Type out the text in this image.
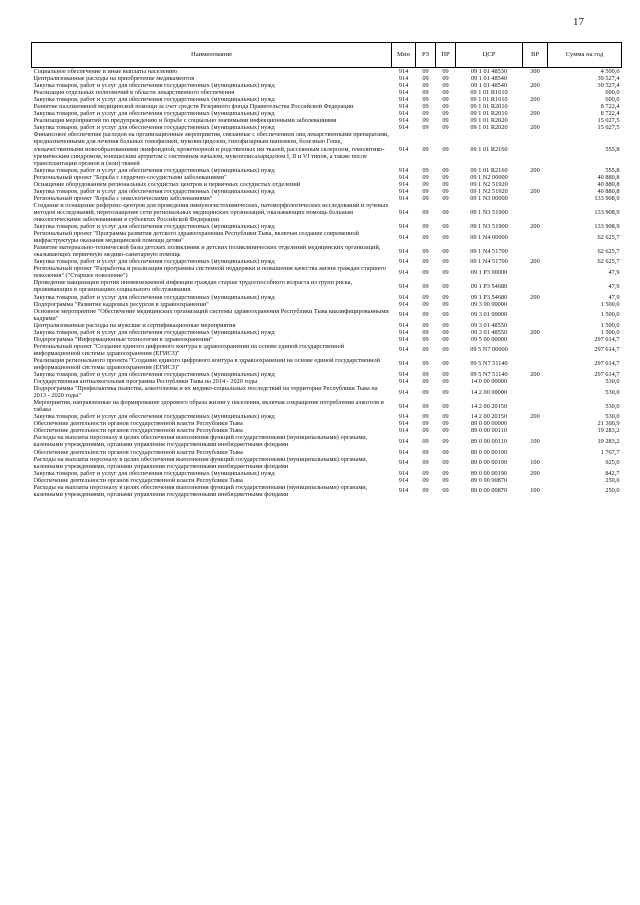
17
Наименование	Мин	РЗ	ПР	ЦСР	ВР	Сумма на год
Социальное обеспечение и иные выплаты населению	914	09	09	09 1 01 48530	300	4 500,0
Централизованные расходы на приобретение медикаментов	914	09	09	09 1 01 48540		39 527,4
Закупка товаров, работ и услуг для обеспечения государственных (муниципальных) нужд	914	09	09	09 1 01 48540	200	39 527,4
Реализация отдельных полномочий в области лекарственного обеспечения	914	09	09	09 1 01 R1610		600,0
Закупка товаров, работ и услуг для обеспечения государственных (муниципальных) нужд	914	09	09	09 1 01 R1610	200	600,0
Развитие паллиативной медицинской помощи за счет средств Резервного фонда Правительства Российской Федерации	914	09	09	09 1 01 R2010		8 722,4
Закупка товаров, работ и услуг для обеспечения государственных (муниципальных) нужд	914	09	09	09 1 01 R2010	200	8 722,4
Реализация мероприятий по предупреждению и борьбе с социально значимыми инфекционными заболеваниями	914	09	09	09 1 01 R2020		15 027,5
Закупка товаров, работ и услуг для обеспечения государственных (муниципальных) нужд	914	09	09	09 1 01 R2020	200	15 027,5
Финансовое обеспечение расходов на организационные мероприятия, связанные с обеспечением лиц лекарственными препаратами, предназначенными для лечения больных гемофилией, муковисцидозом, гипофизарным нанизмом, болезнью Гоше, злокачественными новообразованиями лимфоидной, кроветворной и родственных им тканей, рассеянным склерозом, гемолитико-уремическим синдромом, юношеским артритом с системным началом, мукополисахаридозом I, II и VI типов, а также после трансплантации органов и (или) тканей	914	09	09	09 1 01 R2160		555,8
Закупка товаров, работ и услуг для обеспечения государственных (муниципальных) нужд	914	09	09	09 1 01 R2160	200	555,8
Региональный проект "Борьба с сердечно-сосудистыми заболеваниями"	914	09	09	09 1 N2 00000		40 880,8
Оснащение оборудованием региональных сосудистых центров и первичных сосудистых отделений	914	09	09	09 1 N2 51920		40 880,8
Закупка товаров, работ и услуг для обеспечения государственных (муниципальных) нужд	914	09	09	09 1 N2 51920	200	40 880,8
Региональный проект "Борьба с онкологическими заболеваниями"	914	09	09	09 1 N3 00000		133 908,9
Создание и оснащение референс-центров для проведения иммуногистохимических, патоморфологических исследований и лучевых методов исследований, переоснащение сети региональных медицинских организаций, оказывающих помощь больным онкологическими заболеваниями в субъектах Российской Федерации	914	09	09	09 1 N3 51900		133 908,9
Закупка товаров, работ и услуг для обеспечения государственных (муниципальных) нужд	914	09	09	09 1 N3 51900	200	133 908,9
Региональный проект "Программа развития детского здравоохранения Республики Тыва, включая создание современной инфраструктуры оказания медицинской помощи детям"	914	09	09	09 1 N4 00000		62 625,7
Развитие материально-технической базы детских поликлиник и детских поликлинических отделений медицинских организаций, оказывающих первичную медико-санитарную помощь	914	09	09	09 1 N4 51700		62 625,7
Закупка товаров, работ и услуг для обеспечения государственных (муниципальных) нужд	914	09	09	09 1 N4 51700	200	62 625,7
Региональный проект "Разработка и реализация программы системной поддержки и повышения качества жизни граждан старшего поколения" ("Старшее поколение")	914	09	09	09 1 P3 00000		47,9
Проведение вакцинации против пневмококковой инфекции граждан старше трудоспособного возраста из групп риска, проживающих в организациях социального обслуживания	914	09	09	09 1 P3 54680		47,9
Закупка товаров, работ и услуг для обеспечения государственных (муниципальных) нужд	914	09	09	09 1 P3 54680	200	47,9
Подпрограмма "Развитие кадровых ресурсов в здравоохранении"	914	09	09	09 3 00 00000		1 500,0
Основное мероприятие "Обеспечение медицинских организаций системы здравоохранения Республики Тыва квалифицированными кадрами"	914	09	09	09 3 01 00000		1 500,0
Централизованные расходы на мужские и сертификационные мероприятия	914	09	09	09 3 01 48550		1 500,0
Закупка товаров, работ и услуг для обеспечения государственных (муниципальных) нужд	914	09	09	09 3 01 48550	200	1 500,0
Подпрограмма "Информационные технологии в здравоохранении"	914	09	09	09 5 00 00000		297 614,7
Региональный проект "Создание единого цифрового контура в здравоохранении на основе единой государственной информационной системы здравоохранения (ЕГИСЗ)"	914	09	09	09 5 N7 00000		297 614,7
Реализация регионального проекта "Создание единого цифрового контура в здравоохранении на основе единой государственной информационной системы здравоохранения (ЕГИСЗ)"	914	09	09	09 5 N7 51140		297 614,7
Закупка товаров, работ и услуг для обеспечения государственных (муниципальных) нужд	914	09	09	09 5 N7 51140	200	297 614,7
Государственная антиалкогольная программа Республики Тыва на 2014 - 2020 годы	914	09	09	14 0 00 00000		530,0
Подпрограмма "Профилактика пьянства, алкоголизма и их медико-социальных последствий на территории Республики Тыва на 2013 - 2020 годы"	914	09	09	14 2 00 00000		530,0
Мероприятия, направленные на формирование здорового образа жизни у населения, включая сокращение потребления алкоголя и табака	914	09	09	14 2 00 20150		530,0
Закупка товаров, работ и услуг для обеспечения государственных (муниципальных) нужд	914	09	09	14 2 00 20150	200	530,0
Обеспечение деятельности органов государственной власти Республики Тыва	914	09	09	89 0 00 00000		21 300,9
Обеспечение деятельности органов государственной власти Республики Тыва	914	09	09	89 0 00 00110		19 283,2
Расходы на выплаты персоналу в целях обеспечения выполнения функций государственными (муниципальными) органами, казенными учреждениями, органами управления государственными внебюджетными фондами	914	09	09	89 0 00 00110	100	19 283,2
Обеспечение деятельности органов государственной власти Республики Тыва	914	09	09	89 0 00 00190		1 767,7
Расходы на выплаты персоналу в целях обеспечения выполнения функций государственными (муниципальными) органами, казенными учреждениями, органами управления государственными внебюджетными фондами	914	09	09	89 0 00 00190	100	925,0
Закупка товаров, работ и услуг для обеспечения государственных (муниципальных) нужд	914	09	09	89 0 00 00190	200	842,7
Обеспечение деятельности органов государственной власти Республики Тыва	914	09	09	89 0 00 00870		250,0
Расходы на выплаты персоналу в целях обеспечения выполнения функций государственными (муниципальными) органами, казенными учреждениями, органами управления государственными внебюджетными фондами	914	09	09	89 0 00 00870	100	250,0
